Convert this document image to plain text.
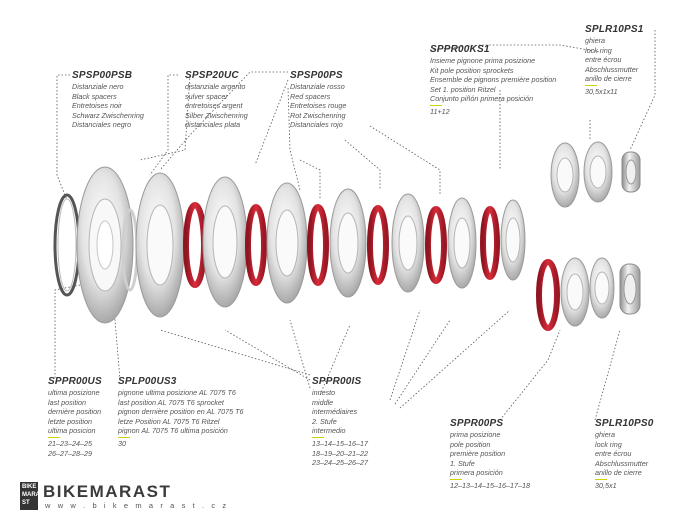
SPSP00PSB
Distanziale nero
Black spacers
Entretoises noir
Schwarz Zwischenring
Distanciales negro
SPSP20UC
distanziale argento
sulver spacer
entretoises argent
Silber Zwischenring
distanciales plata
SPSP00PS
Distanziale rosso
Red spacers
Entretoises rouge
Rot Zwischenring
Distanciales rojo
SPPR00KS1
Insieme pignone prima posizione
Kit pole position sprockets
Ensemble de pignons première position
Set 1. position Ritzel
Conjunto piñón primera posición
11+12
SPLR10PS1
ghiera
lock ring
entre écrou
Abschlussmutter
anillo de cierre
30,5x1x11
SPPR00US
ultima posizione
last position
dernière position
letzte position
ultima posicion
21–23–24–25
26–27–28–29
SPLP00US3
pignone ultima posizione AL 7075 T6
last position AL 7075 T6 sprocket
pignon dernière position en AL 7075 T6
letze Position AL 7075 T6 Ritzel
pignon AL 7075 T6 ultima posición
30
SPPR00IS
innesto
middle
intermédiaires
2. Stufe
intermedio
13–14–15–16–17
18–19–20–21–22
23–24–25–26–27
SPPR00PS
prima posizione
pole position
première position
1. Stufe
primera posición
12–13–14–15–16–17–18
SPLR10PS0
ghiera
lock ring
entre écrou
Abschlussmutter
anillo de cierre
30,5x1
BIKE
MARA
ST
BIKEMARAST
w w w . b i k e m a r a s t . c z
